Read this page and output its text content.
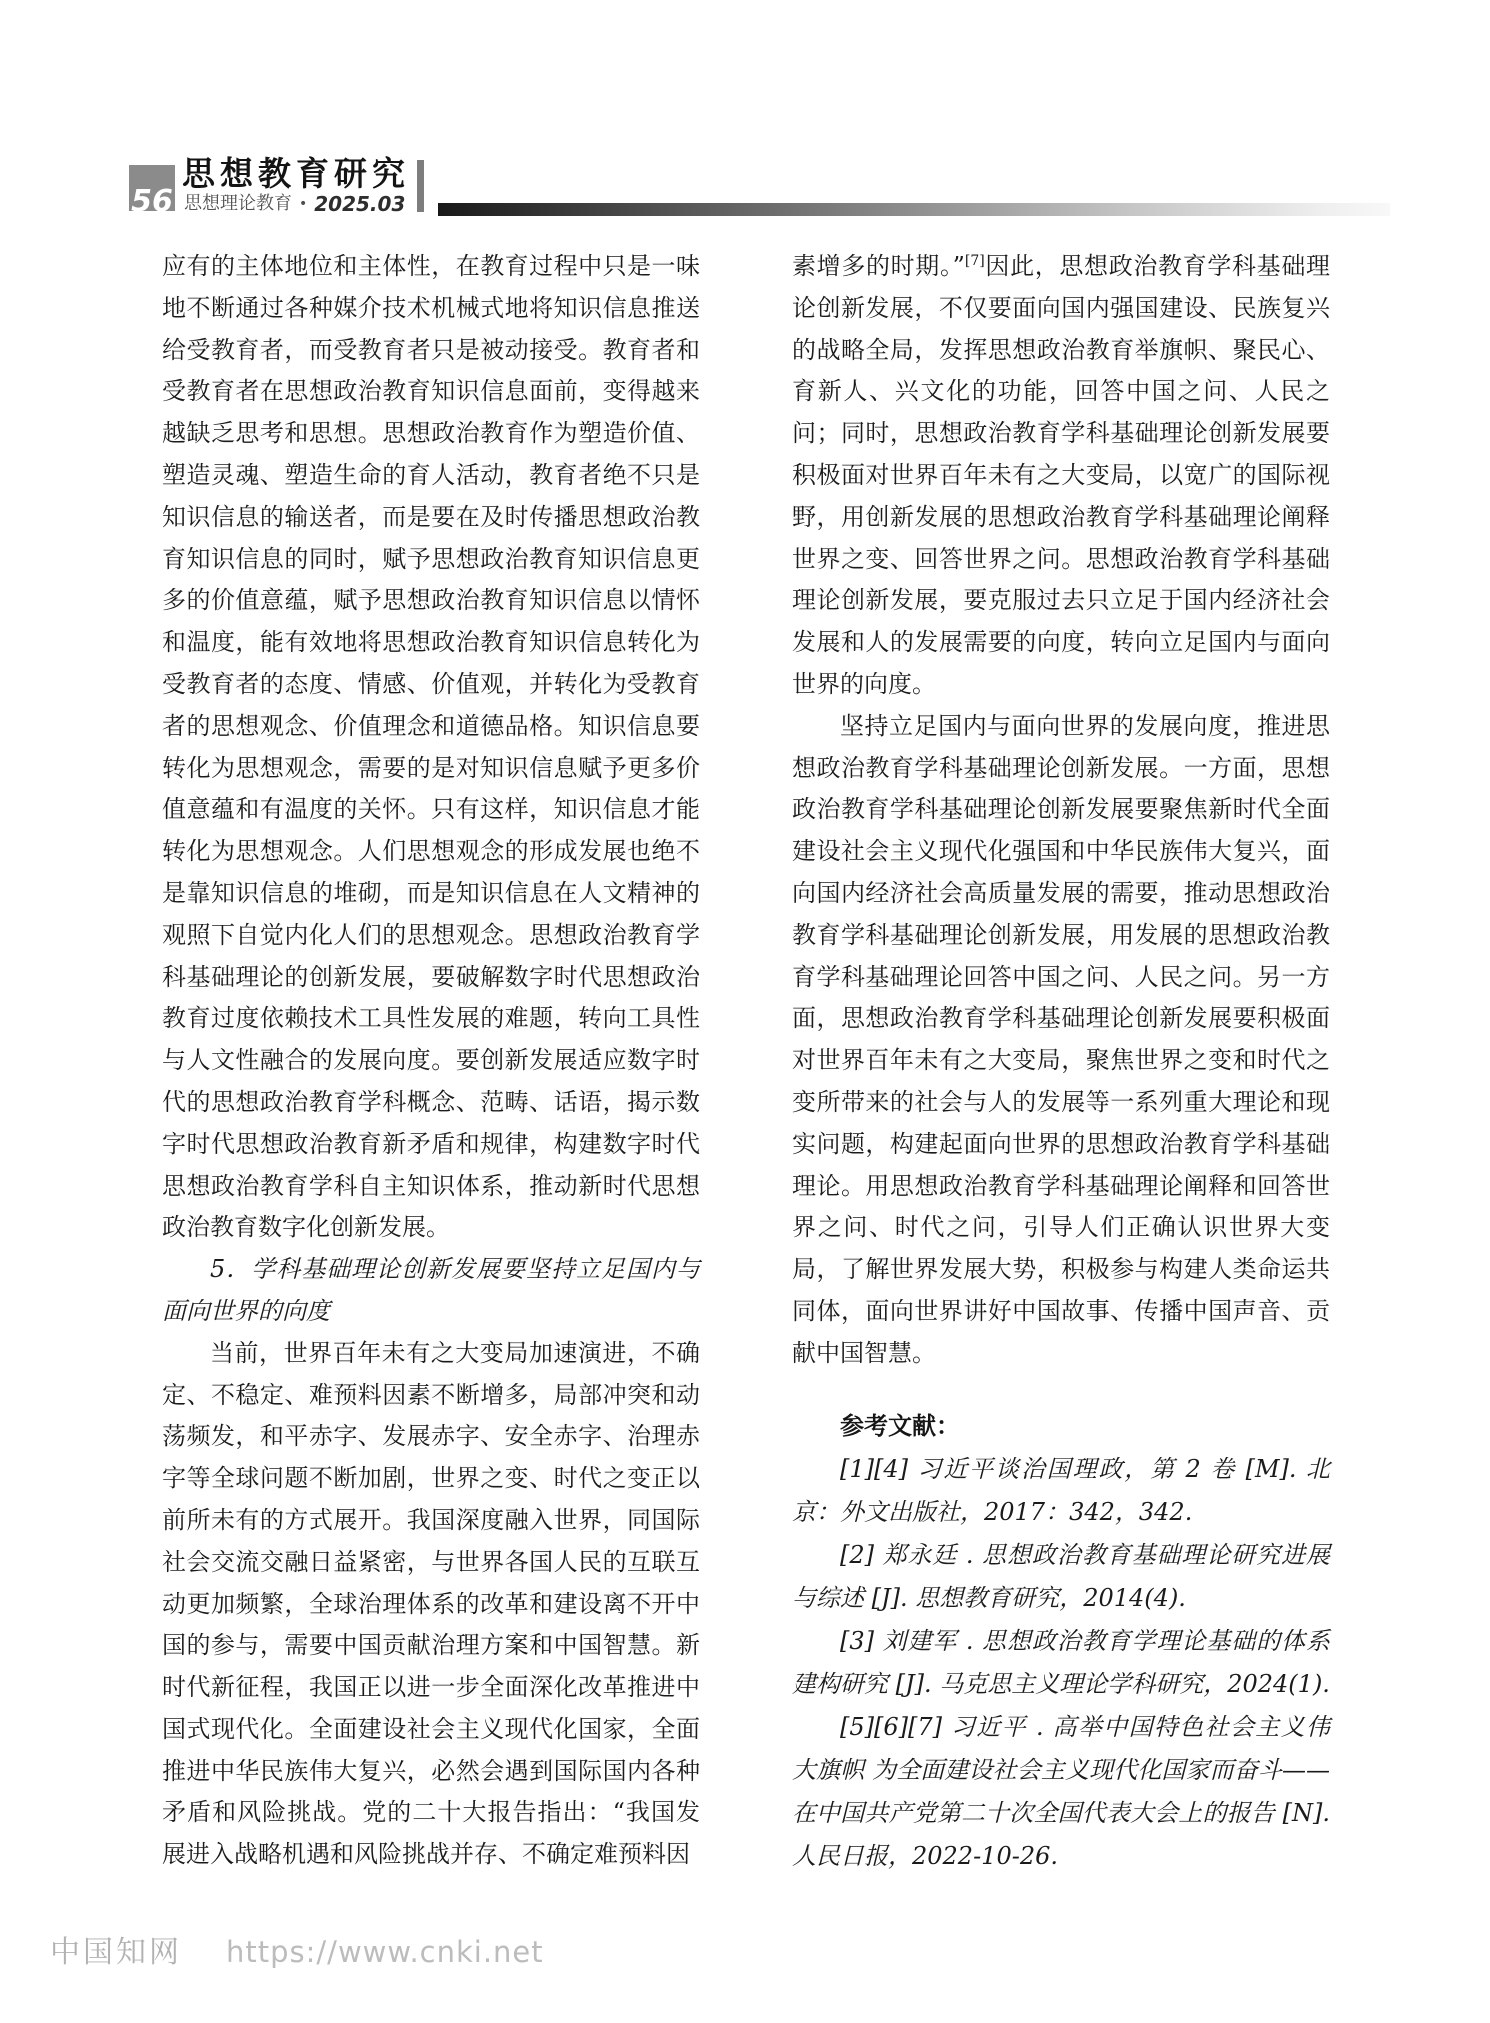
56
思想教育研究
思想理论教育 • 2025.03

应有的主体地位和主体性，在教育过程中只是一味地不断通过各种媒介技术机械式地将知识信息推送给受教育者，而受教育者只是被动接受。教育者和受教育者在思想政治教育知识信息面前，变得越来越缺乏思考和思想。思想政治教育作为塑造价值、塑造灵魂、塑造生命的育人活动，教育者绝不只是知识信息的输送者，而是要在及时传播思想政治教育知识信息的同时，赋予思想政治教育知识信息更多的价值意蕴，赋予思想政治教育知识信息以情怀和温度，能有效地将思想政治教育知识信息转化为受教育者的态度、情感、价值观，并转化为受教育者的思想观念、价值理念和道德品格。知识信息要转化为思想观念，需要的是对知识信息赋予更多价值意蕴和有温度的关怀。只有这样，知识信息才能转化为思想观念。人们思想观念的形成发展也绝不是靠知识信息的堆砌，而是知识信息在人文精神的观照下自觉内化人们的思想观念。思想政治教育学科基础理论的创新发展，要破解数字时代思想政治教育过度依赖技术工具性发展的难题，转向工具性与人文性融合的发展向度。要创新发展适应数字时代的思想政治教育学科概念、范畴、话语，揭示数字时代思想政治教育新矛盾和规律，构建数字时代思想政治教育学科自主知识体系，推动新时代思想政治教育数字化创新发展。

5．学科基础理论创新发展要坚持立足国内与面向世界的向度

当前，世界百年未有之大变局加速演进，不确定、不稳定、难预料因素不断增多，局部冲突和动荡频发，和平赤字、发展赤字、安全赤字、治理赤字等全球问题不断加剧，世界之变、时代之变正以前所未有的方式展开。我国深度融入世界，同国际社会交流交融日益紧密，与世界各国人民的互联互动更加频繁，全球治理体系的改革和建设离不开中国的参与，需要中国贡献治理方案和中国智慧。新时代新征程，我国正以进一步全面深化改革推进中国式现代化。全面建设社会主义现代化国家，全面推进中华民族伟大复兴，必然会遇到国际国内各种矛盾和风险挑战。党的二十大报告指出：“我国发展进入战略机遇和风险挑战并存、不确定难预料因

素增多的时期。”[7]因此，思想政治教育学科基础理论创新发展，不仅要面向国内强国建设、民族复兴的战略全局，发挥思想政治教育举旗帜、聚民心、育新人、兴文化的功能，回答中国之问、人民之问；同时，思想政治教育学科基础理论创新发展要积极面对世界百年未有之大变局，以宽广的国际视野，用创新发展的思想政治教育学科基础理论阐释世界之变、回答世界之问。思想政治教育学科基础理论创新发展，要克服过去只立足于国内经济社会发展和人的发展需要的向度，转向立足国内与面向世界的向度。

坚持立足国内与面向世界的发展向度，推进思想政治教育学科基础理论创新发展。一方面，思想政治教育学科基础理论创新发展要聚焦新时代全面建设社会主义现代化强国和中华民族伟大复兴，面向国内经济社会高质量发展的需要，推动思想政治教育学科基础理论创新发展，用发展的思想政治教育学科基础理论回答中国之问、人民之问。另一方面，思想政治教育学科基础理论创新发展要积极面对世界百年未有之大变局，聚焦世界之变和时代之变所带来的社会与人的发展等一系列重大理论和现实问题，构建起面向世界的思想政治教育学科基础理论。用思想政治教育学科基础理论阐释和回答世界之问、时代之问，引导人们正确认识世界大变局，了解世界发展大势，积极参与构建人类命运共同体，面向世界讲好中国故事、传播中国声音、贡献中国智慧。

参考文献：

[1][4] 习近平谈治国理政，第 2 卷 [M]. 北京：外文出版社，2017：342，342.

[2] 郑永廷 . 思想政治教育基础理论研究进展与综述 [J]. 思想教育研究，2014(4).

[3] 刘建军 . 思想政治教育学理论基础的体系建构研究 [J]. 马克思主义理论学科研究，2024(1).

[5][6][7] 习近平 . 高举中国特色社会主义伟大旗帜 为全面建设社会主义现代化国家而奋斗——在中国共产党第二十次全国代表大会上的报告 [N]. 人民日报，2022-10-26.

中国知网 https://www.cnki.net
